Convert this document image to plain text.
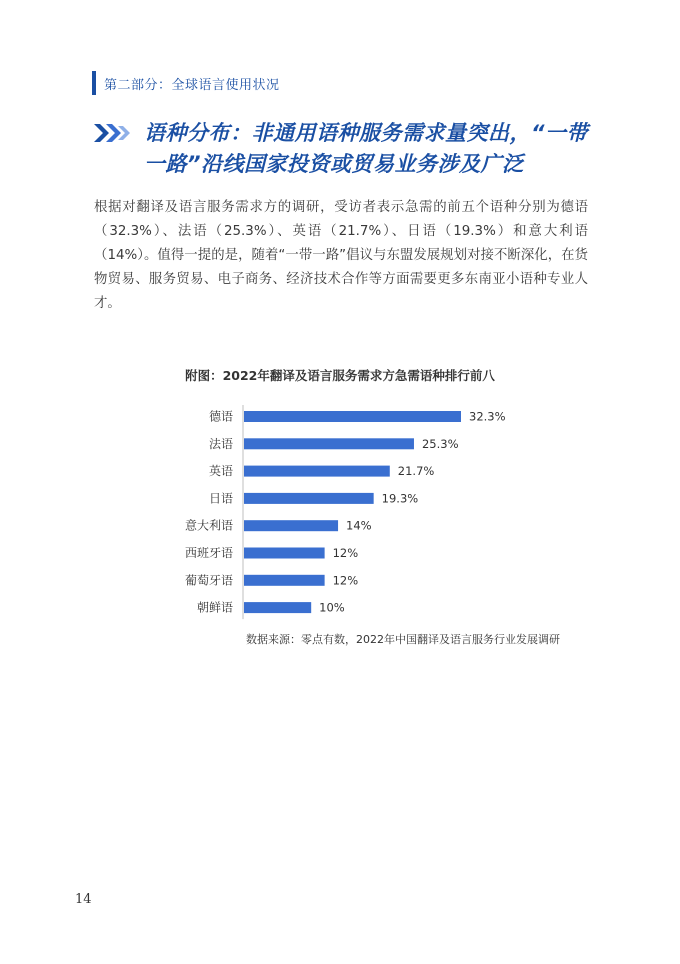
第二部分：全球语言使用状况
语种分布：非通用语种服务需求量突出，“一带
一路”沿线国家投资或贸易业务涉及广泛
根据对翻译及语言服务需求方的调研，受访者表示急需的前五个语种分别为德语（32.3%）、法语（25.3%）、英语（21.7%）、日语（19.3%）和意大利语（14%）。值得一提的是，随着“一带一路”倡议与东盟发展规划对接不断深化，在货物贸易、服务贸易、电子商务、经济技术合作等方面需要更多东南亚小语种专业人才。
附图：2022年翻译及语言服务需求方急需语种排行前八
德语	32.3%
法语	25.3%
英语	21.7%
日语	19.3%
意大利语	14%
西班牙语	12%
葡萄牙语	12%
朝鲜语	10%
数据来源：零点有数，2022年中国翻译及语言服务行业发展调研
14
